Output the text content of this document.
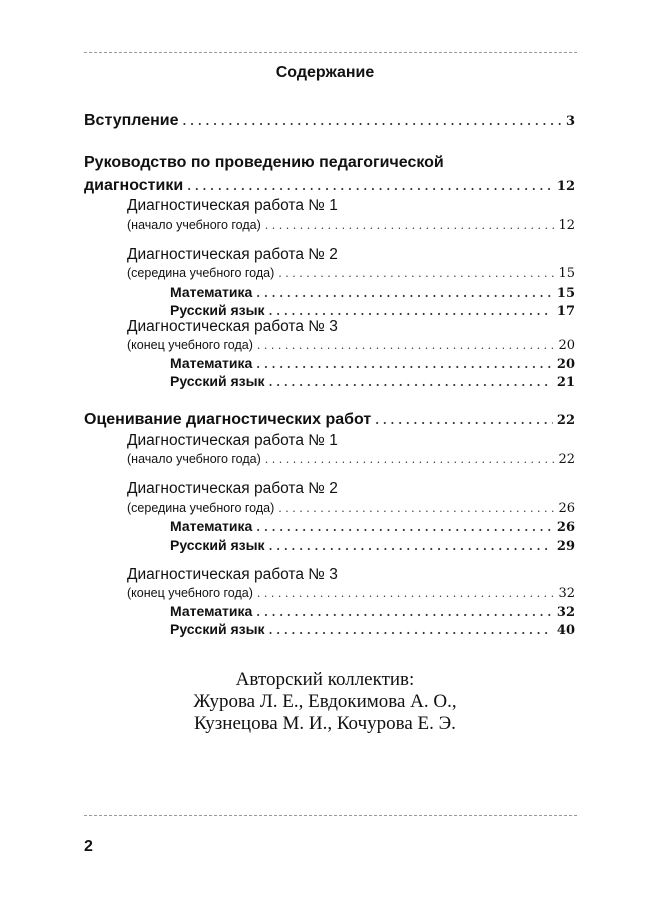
Содержание
Вступление . . .	3
Руководство по проведению педагогической
диагностики . . .	12
Диагностическая работа № 1
(начало учебного года) . . .	12
Диагностическая работа № 2
(середина учебного года) . . .	15
Математика . . .	15
Русский язык . . .	17
Диагностическая работа № 3
(конец учебного года) . . .	20
Математика . . .	20
Русский язык . . .	21
Оценивание диагностических работ . . .	22
Диагностическая работа № 1
(начало учебного года) . . .	22
Диагностическая работа № 2
(середина учебного года) . . .	26
Математика . . .	26
Русский язык . . .	29
Диагностическая работа № 3
(конец учебного года) . . .	32
Математика . . .	32
Русский язык . . .	40
Авторский коллектив:
Журова Л. Е., Евдокимова А. О.,
Кузнецова М. И., Кочурова Е. Э.
2
